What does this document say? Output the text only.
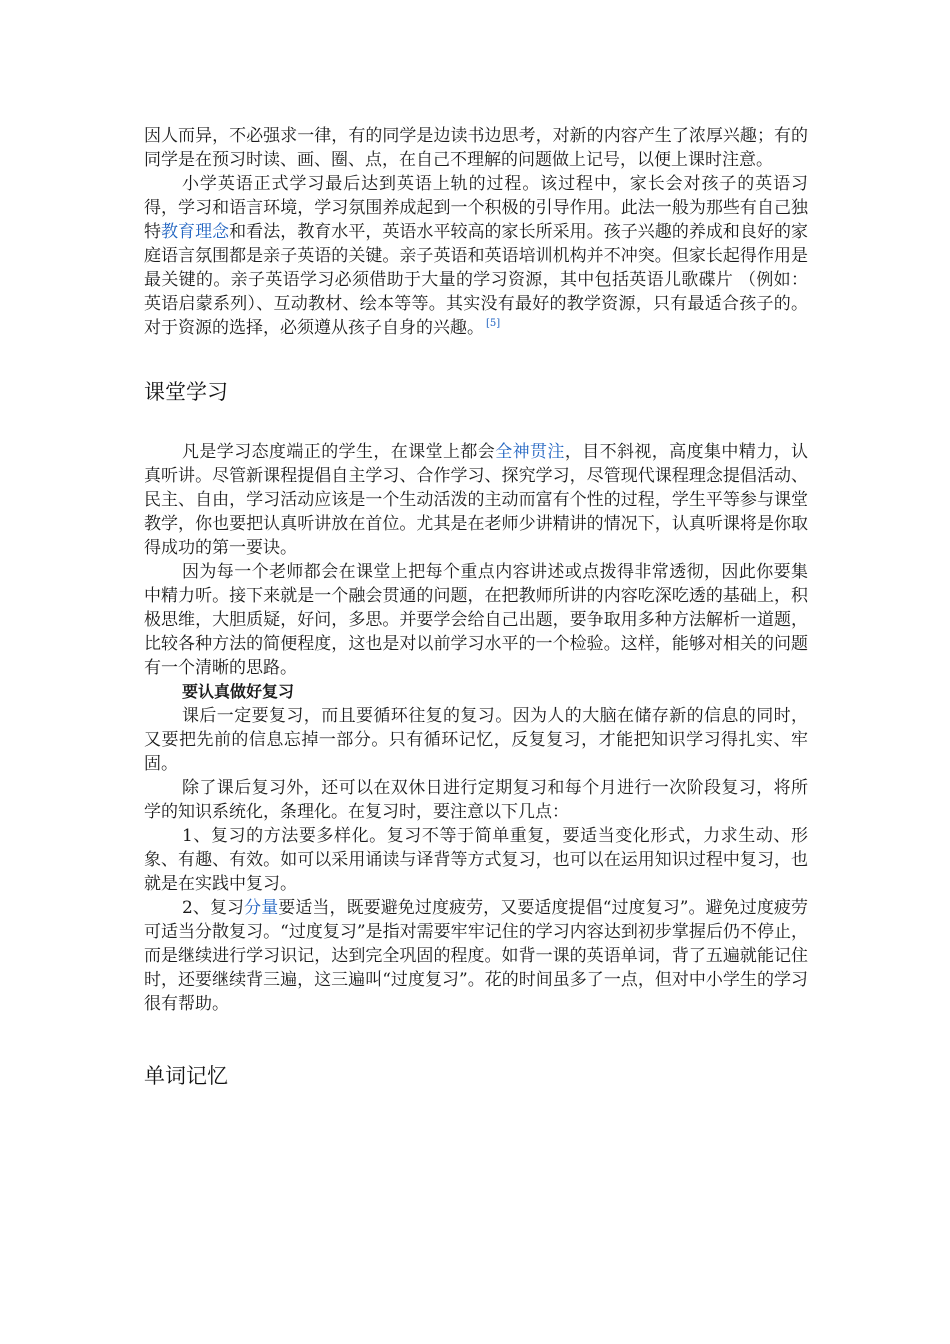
因人而异，不必强求一律，有的同学是边读书边思考，对新的内容产生了浓厚兴趣；有的同学是在预习时读、画、圈、点，在自己不理解的问题做上记号，以便上课时注意。

小学英语正式学习最后达到英语上轨的过程。该过程中，家长会对孩子的英语习得，学习和语言环境，学习氛围养成起到一个积极的引导作用。此法一般为那些有自己独特教育理念和看法，教育水平，英语水平较高的家长所采用。孩子兴趣的养成和良好的家庭语言氛围都是亲子英语的关键。亲子英语和英语培训机构并不冲突。但家长起得作用是最关键的。亲子英语学习必须借助于大量的学习资源，其中包括英语儿歌碟片 （例如：英语启蒙系列）、互动教材、绘本等等。其实没有最好的教学资源，只有最适合孩子的。对于资源的选择，必须遵从孩子自身的兴趣。 [5]

课堂学习

凡是学习态度端正的学生，在课堂上都会全神贯注，目不斜视，高度集中精力，认真听讲。尽管新课程提倡自主学习、合作学习、探究学习，尽管现代课程理念提倡活动、民主、自由，学习活动应该是一个生动活泼的主动而富有个性的过程，学生平等参与课堂教学，你也要把认真听讲放在首位。尤其是在老师少讲精讲的情况下，认真听课将是你取得成功的第一要诀。

因为每一个老师都会在课堂上把每个重点内容讲述或点拨得非常透彻，因此你要集中精力听。接下来就是一个融会贯通的问题，在把教师所讲的内容吃深吃透的基础上，积极思维，大胆质疑，好问，多思。并要学会给自己出题，要争取用多种方法解析一道题，比较各种方法的简便程度，这也是对以前学习水平的一个检验。这样，能够对相关的问题有一个清晰的思路。

要认真做好复习

课后一定要复习，而且要循环往复的复习。因为人的大脑在储存新的信息的同时，又要把先前的信息忘掉一部分。只有循环记忆，反复复习，才能把知识学习得扎实、牢固。

除了课后复习外，还可以在双休日进行定期复习和每个月进行一次阶段复习，将所学的知识系统化，条理化。在复习时，要注意以下几点：

1、复习的方法要多样化。复习不等于简单重复，要适当变化形式，力求生动、形象、有趣、有效。如可以采用诵读与译背等方式复习，也可以在运用知识过程中复习，也就是在实践中复习。

2、复习分量要适当，既要避免过度疲劳，又要适度提倡“过度复习”。避免过度疲劳可适当分散复习。“过度复习”是指对需要牢牢记住的学习内容达到初步掌握后仍不停止，而是继续进行学习识记，达到完全巩固的程度。如背一课的英语单词，背了五遍就能记住时，还要继续背三遍，这三遍叫“过度复习”。花的时间虽多了一点，但对中小学生的学习很有帮助。

单词记忆
